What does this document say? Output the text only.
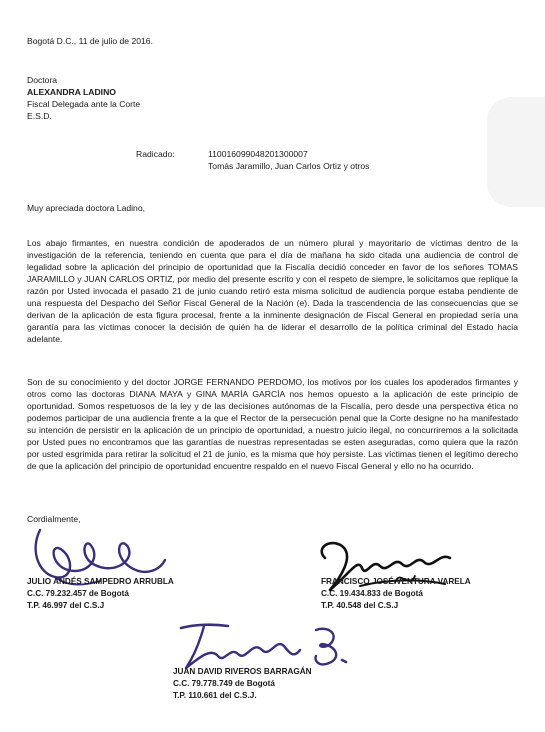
Bogotá D.C., 11 de julio de 2016.
Doctora
ALEXANDRA LADINO
Fiscal Delegada ante la Corte
E.S.D.
Radicado:	110016099048201300007
Tomás Jaramillo, Juan Carlos Ortiz y otros
Muy apreciada doctora Ladino,
Los abajo firmantes, en nuestra condición de apoderados de un número plural y mayoritario de víctimas dentro de la investigación de la referencia, teniendo en cuenta que para el día de mañana ha sido citada una audiencia de control de legalidad sobre la aplicación del principio de oportunidad que la Fiscalía decidió conceder en favor de los señores TOMAS JARAMILLO y JUAN CARLOS ORTIZ, por medio del presente escrito y con el respeto de siempre, le solicitamos que replique la razón por Usted invocada el pasado 21 de junio cuando retiró esta misma solicitud de audiencia porque estaba pendiente de una respuesta del Despacho del Señor Fiscal General de la Nación (e). Dada la trascendencia de las consecuencias que se derivan de la aplicación de esta figura procesal, frente a la inminente designación de Fiscal General en propiedad sería una garantía para las víctimas conocer la decisión de quién ha de liderar el desarrollo de la política criminal del Estado hacia adelante.
Son de su conocimiento y del doctor JORGE FERNANDO PERDOMO, los motivos por los cuales los apoderados firmantes y otros como las doctoras DIANA MAYA y GINA MARÍA GARCÍA nos hemos opuesto a la aplicación de este principio de oportunidad. Somos respetuosos de la ley y de las decisiones autónomas de la Fiscalía, pero desde una perspectiva ética no podemos participar de una audiencia frente a la que el Rector de la persecución penal que la Corte designe no ha manifestado su intención de persistir en la aplicación de un principio de oportunidad, a nuestro juicio ilegal, no concurriremos a la solicitada por Usted pues no encontramos que las garantías de nuestras representadas se esten aseguradas, como quiera que la razón por usted esgrimida para retirar la solicitud el 21 de junio, es la misma que hoy persiste. Las víctimas tienen el legítimo derecho de que la aplicación del principio de oportunidad encuentre respaldo en el nuevo Fiscal General y ello no ha ocurrido.
Cordialmente,
JULIO ANDÉS SAMPEDRO ARRUBLA
C.C. 79.232.457 de Bogotá
T.P. 46.997 del C.S.J
FRANCISCO JOSÉ VENTURA VARELA
C.C. 19.434.833 de Bogotá
T.P. 40.548 del C.S.J
JUAN DAVID RIVEROS BARRAGÁN
C.C. 79.778.749 de Bogotá
T.P. 110.661 del C.S.J.
